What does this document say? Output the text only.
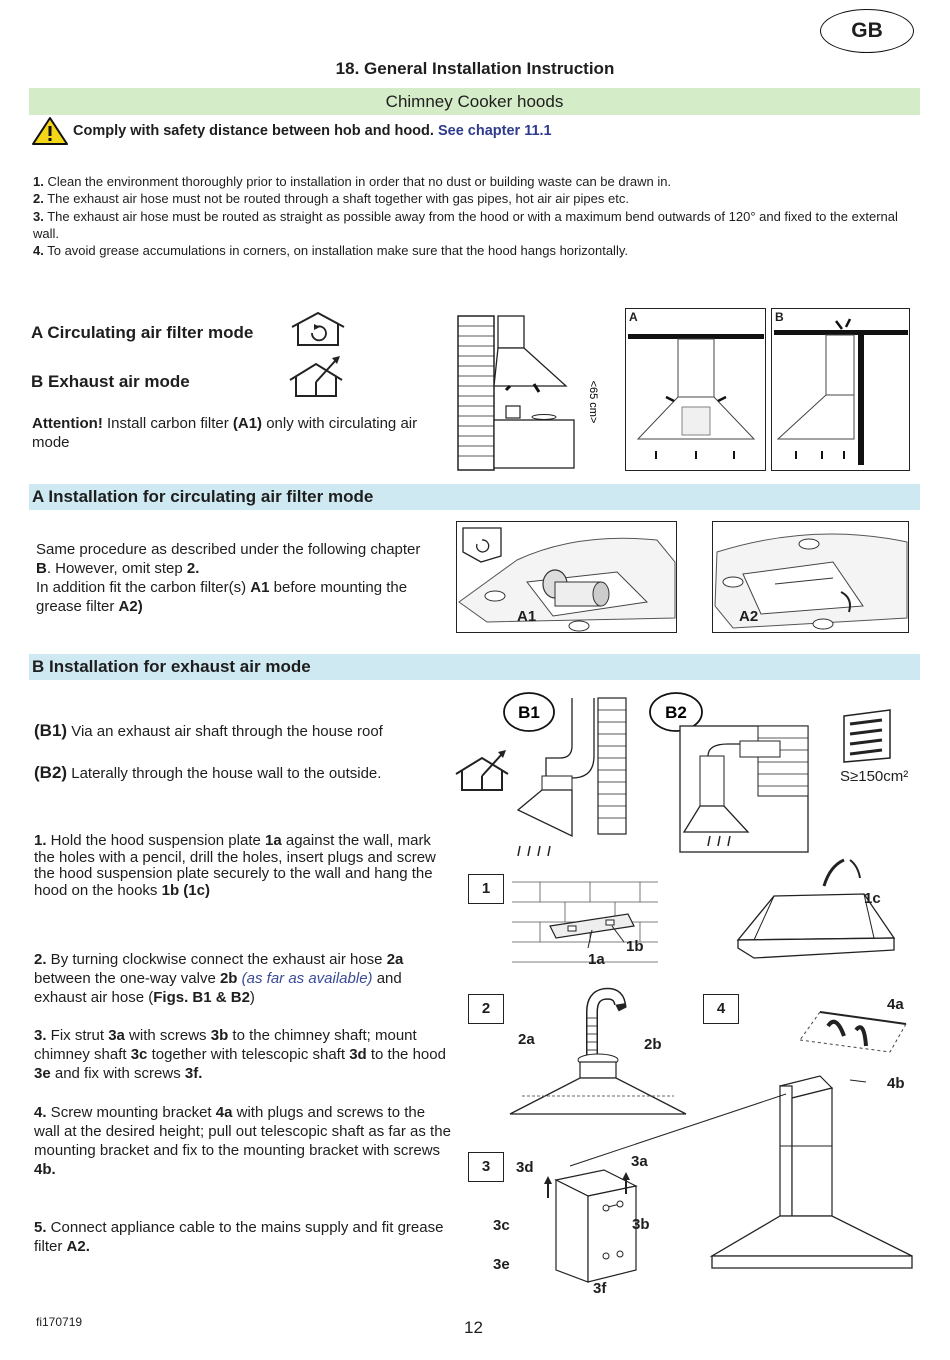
GB
18. General Installation Instruction
Chimney Cooker hoods
Comply with safety distance between hob and hood. See chapter 11.1
1. Clean the environment thoroughly prior to installation in order that no dust or building waste can be drawn in.
2. The exhaust air hose must not be routed through a shaft together with gas pipes, hot air air pipes etc.
3. The exhaust air hose must be routed as straight as possible away from the hood or with a maximum bend outwards of 120° and fixed to the external wall.
4. To avoid grease accumulations in corners, on installation make sure that the hood hangs horizontally.
A Circulating air filter mode
B Exhaust air mode
Attention! Install carbon filter (A1) only with circulating air mode
<65 cm>
A	B
A Installation for circulating air filter mode
Same procedure as described under the following chapter B. However, omit step 2.
In addition fit the carbon filter(s) A1 before mounting the grease filter A2)
A1	A2
B Installation for exhaust air mode
(B1) Via an exhaust air shaft through the house roof
(B2) Laterally through the house wall to the outside.
1. Hold the hood suspension plate 1a against the wall, mark the holes with a pencil, drill the holes, insert plugs and screw the hood suspension plate securely to the wall and hang the hood on the hooks 1b (1c)
2. By turning clockwise connect the exhaust air hose 2a between the one-way valve 2b (as far as available) and exhaust air hose (Figs. B1 & B2)
3. Fix strut 3a with screws 3b to the chimney shaft; mount chimney shaft 3c together with telescopic shaft 3d to the hood 3e and fix with screws 3f.
4. Screw mounting bracket 4a with plugs and screws to the wall at the desired height; pull out telescopic shaft as far as the mounting bracket and fix to the mounting bracket with screws 4b.
5. Connect appliance cable to the mains supply and fit grease filter A2.
B1	B2
S≥150cm²
1
1a
1b
1c
2
2a	2b
3	3d	3a
3c	3b
3e
3f
4	4a
4b
fi170719	12
